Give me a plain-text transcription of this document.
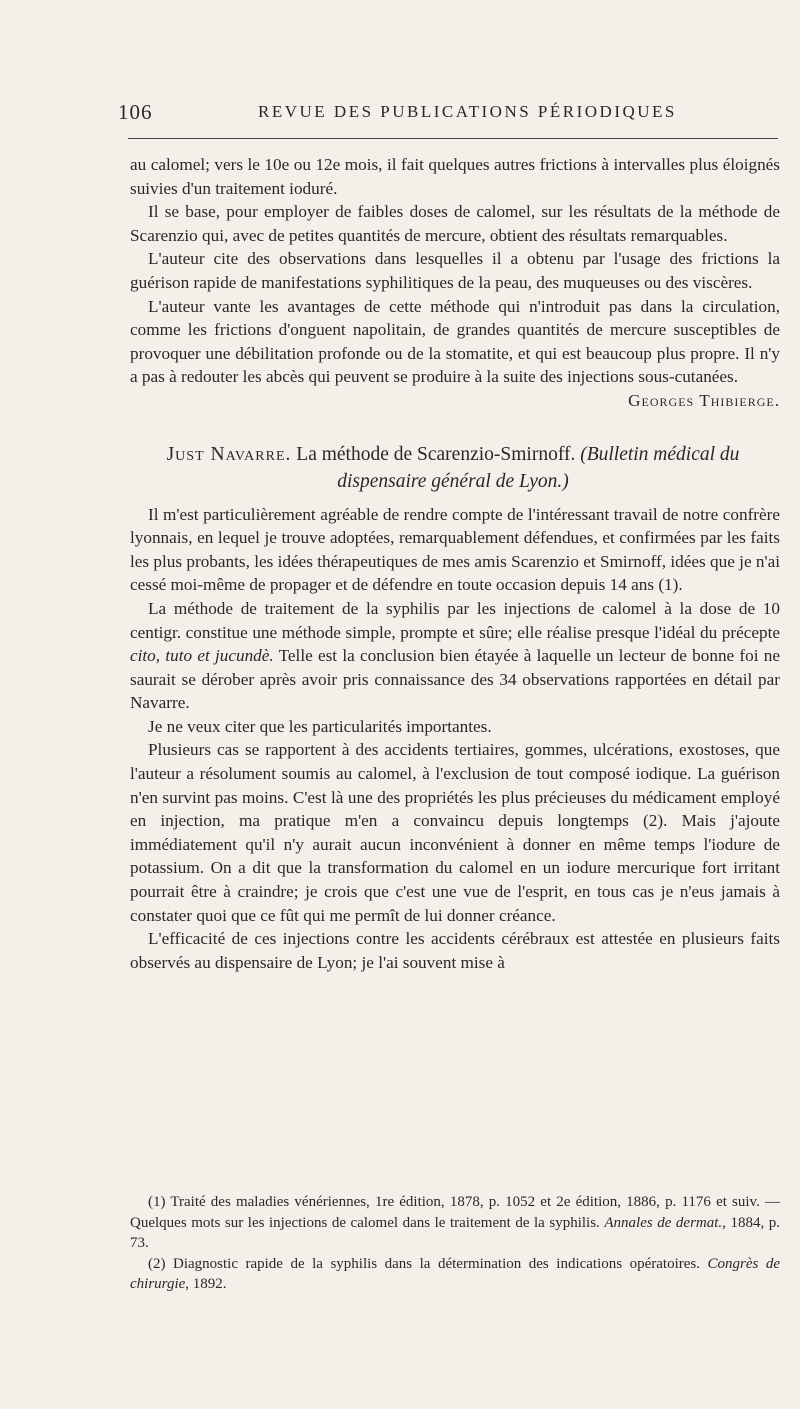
106	REVUE DES PUBLICATIONS PÉRIODIQUES

au calomel; vers le 10e ou 12e mois, il fait quelques autres frictions à intervalles plus éloignés suivies d'un traitement ioduré.

Il se base, pour employer de faibles doses de calomel, sur les résultats de la méthode de Scarenzio qui, avec de petites quantités de mercure, obtient des résultats remarquables.

L'auteur cite des observations dans lesquelles il a obtenu par l'usage des frictions la guérison rapide de manifestations syphilitiques de la peau, des muqueuses ou des viscères.

L'auteur vante les avantages de cette méthode qui n'introduit pas dans la circulation, comme les frictions d'onguent napolitain, de grandes quantités de mercure susceptibles de provoquer une débilitation profonde ou de la stomatite, et qui est beaucoup plus propre. Il n'y a pas à redouter les abcès qui peuvent se produire à la suite des injections sous-cutanées.

Georges Thibierge.

Just Navarre. La méthode de Scarenzio-Smirnoff. (Bulletin médical du dispensaire général de Lyon.)

Il m'est particulièrement agréable de rendre compte de l'intéressant travail de notre confrère lyonnais, en lequel je trouve adoptées, remarquablement défendues, et confirmées par les faits les plus probants, les idées thérapeutiques de mes amis Scarenzio et Smirnoff, idées que je n'ai cessé moi-même de propager et de défendre en toute occasion depuis 14 ans (1).

La méthode de traitement de la syphilis par les injections de calomel à la dose de 10 centigr. constitue une méthode simple, prompte et sûre; elle réalise presque l'idéal du précepte cito, tuto et jucundè. Telle est la conclusion bien étayée à laquelle un lecteur de bonne foi ne saurait se dérober après avoir pris connaissance des 34 observations rapportées en détail par Navarre.

Je ne veux citer que les particularités importantes.

Plusieurs cas se rapportent à des accidents tertiaires, gommes, ulcérations, exostoses, que l'auteur a résolument soumis au calomel, à l'exclusion de tout composé iodique. La guérison n'en survint pas moins. C'est là une des propriétés les plus précieuses du médicament employé en injection, ma pratique m'en a convaincu depuis longtemps (2). Mais j'ajoute immédiatement qu'il n'y aurait aucun inconvénient à donner en même temps l'iodure de potassium. On a dit que la transformation du calomel en un iodure mercurique fort irritant pourrait être à craindre; je crois que c'est une vue de l'esprit, en tous cas je n'eus jamais à constater quoi que ce fût qui me permît de lui donner créance.

L'efficacité de ces injections contre les accidents cérébraux est attestée en plusieurs faits observés au dispensaire de Lyon; je l'ai souvent mise à

(1) Traité des maladies vénériennes, 1re édition, 1878, p. 1052 et 2e édition, 1886, p. 1176 et suiv. — Quelques mots sur les injections de calomel dans le traitement de la syphilis. Annales de dermat., 1884, p. 73.

(2) Diagnostic rapide de la syphilis dans la détermination des indications opératoires. Congrès de chirurgie, 1892.
